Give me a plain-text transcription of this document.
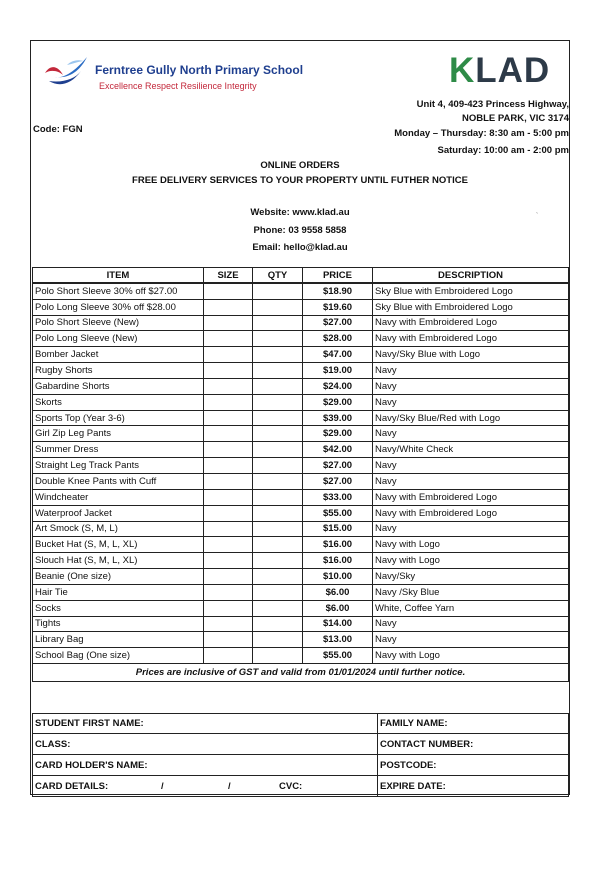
Ferntree Gully North Primary School
Excellence Respect Resilience Integrity	KLAD
Unit 4, 409-423 Princess Highway,
NOBLE PARK, VIC 3174
Monday – Thursday: 8:30 am - 5:00 pm
Saturday: 10:00 am - 2:00 pm
Code: FGN
ONLINE ORDERS
FREE DELIVERY SERVICES TO YOUR PROPERTY UNTIL FUTHER NOTICE
Website: www.klad.au
Phone: 03 9558 5858
Email: hello@klad.au
ˎ
ITEM	SIZE	QTY	PRICE	DESCRIPTION
Polo Short Sleeve 30% off $27.00			$18.90	Sky Blue with Embroidered Logo
Polo Long Sleeve 30% off $28.00			$19.60	Sky Blue with Embroidered Logo
Polo Short Sleeve (New)			$27.00	Navy with Embroidered Logo
Polo Long Sleeve (New)			$28.00	Navy with Embroidered Logo
Bomber Jacket			$47.00	Navy/Sky Blue with Logo
Rugby Shorts			$19.00	Navy
Gabardine Shorts			$24.00	Navy
Skorts			$29.00	Navy
Sports Top (Year 3-6)			$39.00	Navy/Sky Blue/Red with Logo
Girl Zip Leg Pants			$29.00	Navy
Summer Dress			$42.00	Navy/White Check
Straight Leg Track Pants			$27.00	Navy
Double Knee Pants with Cuff			$27.00	Navy
Windcheater			$33.00	Navy with Embroidered Logo
Waterproof Jacket			$55.00	Navy with Embroidered Logo
Art Smock (S, M, L)			$15.00	Navy
Bucket Hat (S, M, L, XL)			$16.00	Navy with Logo
Slouch Hat (S, M, L, XL)			$16.00	Navy with Logo
Beanie (One size)			$10.00	Navy/Sky
Hair Tie			$6.00	Navy /Sky Blue
Socks			$6.00	White, Coffee Yarn
Tights			$14.00	Navy
Library Bag			$13.00	Navy
School Bag (One size)			$55.00	Navy with Logo
Prices are inclusive of GST and valid from 01/01/2024 until further notice.				
STUDENT FIRST NAME:	FAMILY NAME:
CLASS:	CONTACT NUMBER:
CARD HOLDER'S NAME:	POSTCODE:
CARD DETAILS:	/	/	CVC:	EXPIRE DATE:
